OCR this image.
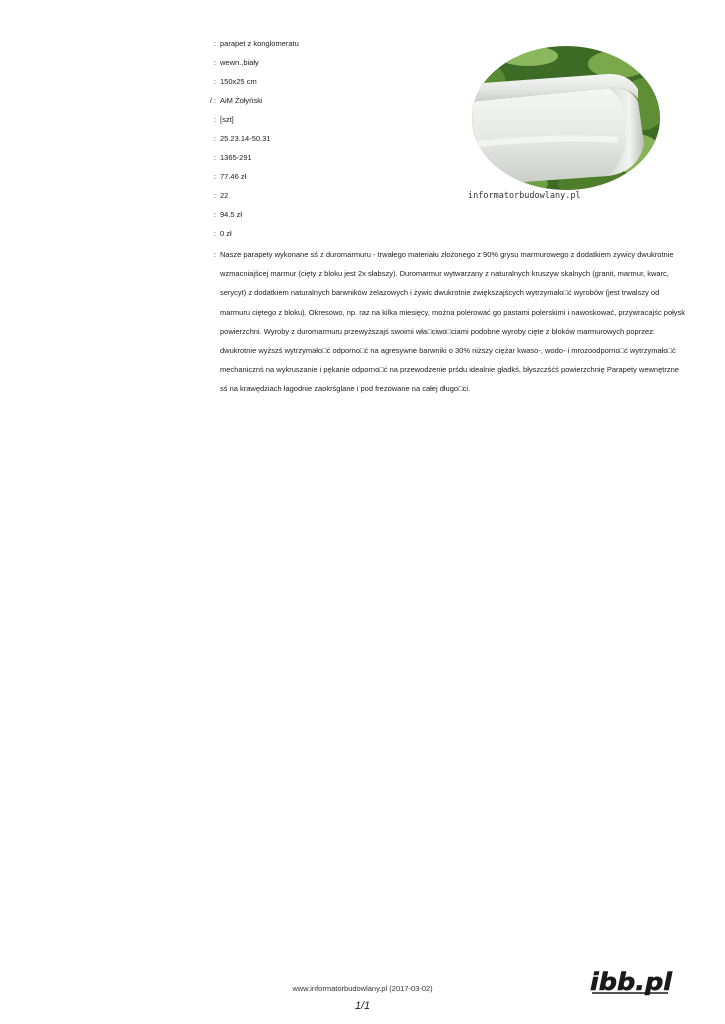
: parapet z konglomeratu
: wewn.,biały
: 150x25 cm
/ : AiM Żołyński
: [szt]
: 25.23.14-50.31
: 1365-291
: 77.46 zł
: 22
: 94.5 zł
: 0 zł
: Nasze parapety wykonane sś z duromarmuru - trwałego materiału złożonego z 90% grysu marmurowego z dodatkiem żywicy dwukrotnie wzmacniajścej marmur (cięty z bloku jest 2x słabszy). Duromarmur wytwarzany z naturalnych kruszyw skalnych (granit, marmur, kwarc, serycyt) z dodatkiem naturalnych barwników żelazowych i żywic dwukrotnie zwiększajścych wytrzymało□ć wyrobów (jest trwalszy od marmuru ciętego z bloku). Okresowo, np. raz na kilka miesięcy, można polerować go pastami polerskimi i nawoskować, przywracajśc połysk powierzchni. Wyroby z duromarmuru przewyższajś swoimi wła□ciwo□ciami podobne wyroby cięte z bloków marmurowych poprzez: dwukrotnie wyższś wytrzymało□ć odporno□ć na agresywne barwniki o 30% niższy ciężar kwaso-, wodo- i mrozoodporno□ć wytrzymało□ć mechanicznś na wykruszanie i pękanie odporno□ć na przewodzenie prśdu idealnie gładkś, błyszczśćś powierzchnię Parapety wewnętrzne sś na krawędziach łagodnie zaokrśglane i pod frezowane na całej długo□ci.
informatorbudowlany.pl
www.informatorbudowlany.pl (2017-03-02)
1/1
ibb.pl
